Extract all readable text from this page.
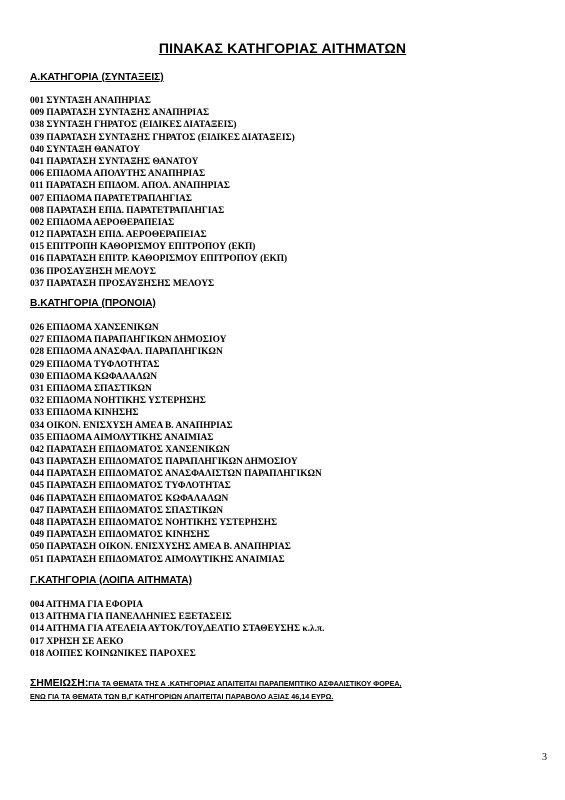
ΠΙΝΑΚΑΣ ΚΑΤΗΓΟΡΙΑΣ ΑΙΤΗΜΑΤΩΝ
Α.ΚΑΤΗΓΟΡΙΑ (ΣΥΝΤΑΞΕΙΣ)
001 ΣΥΝΤΑΞΗ ΑΝΑΠΗΡΙΑΣ
009 ΠΑΡΑΤΑΣΗ ΣΥΝΤΑΞΗΣ ΑΝΑΠΗΡΙΑΣ
038 ΣΥΝΤΑΞΗ ΓΗΡΑΤΟΣ (ΕΙΔΙΚΕΣ ΔΙΑΤΑΞΕΙΣ)
039 ΠΑΡΑΤΑΣΗ ΣΥΝΤΑΞΗΣ ΓΗΡΑΤΟΣ (ΕΙΔΙΚΕΣ ΔΙΑΤΑΞΕΙΣ)
040 ΣΥΝΤΑΞΗ ΘΑΝΑΤΟΥ
041 ΠΑΡΑΤΑΣΗ ΣΥΝΤΑΞΗΣ ΘΑΝΑΤΟΥ
006 ΕΠΙΔΟΜΑ ΑΠΟΛΥΤΗΣ ΑΝΑΠΗΡΙΑΣ
011 ΠΑΡΑΤΑΣΗ ΕΠΙΔΟΜ. ΑΠΟΛ. ΑΝΑΠΗΡΙΑΣ
007 ΕΠΙΔΟΜΑ ΠΑΡΑΤΕΤΡΑΠΛΗΓΙΑΣ
008 ΠΑΡΑΤΑΣΗ ΕΠΙΔ. ΠΑΡΑΤΕΤΡΑΠΛΗΓΙΑΣ
002 ΕΠΙΔΟΜΑ ΑΕΡΟΘΕΡΑΠΕΙΑΣ
012 ΠΑΡΑΤΑΣΗ ΕΠΙΔ. ΑΕΡΟΘΕΡΑΠΕΙΑΣ
015 ΕΠΙΤΡΟΠΗ ΚΑΘΟΡΙΣΜΟΥ ΕΠΙΤΡΟΠΟΥ (ΕΚΠ)
016 ΠΑΡΑΤΑΣΗ ΕΠΙΤΡ. ΚΑΘΟΡΙΣΜΟΥ ΕΠΙΤΡΟΠΟΥ (ΕΚΠ)
036 ΠΡΟΣΑΥΞΗΣΗ ΜΕΛΟΥΣ
037 ΠΑΡΑΤΑΣΗ ΠΡΟΣΑΥΞΗΣΗΣ ΜΕΛΟΥΣ
Β.ΚΑΤΗΓΟΡΙΑ (ΠΡΟΝΟΙΑ)
026 ΕΠΙΔΟΜΑ ΧΑΝΣΕΝΙΚΩΝ
027 ΕΠΙΔΟΜΑ ΠΑΡΑΠΛΗΓΙΚΩΝ ΔΗΜΟΣΙΟΥ
028 ΕΠΙΔΟΜΑ ΑΝΑΣΦΑΛ. ΠΑΡΑΠΛΗΓΙΚΩΝ
029 ΕΠΙΔΟΜΑ ΤΥΦΛΟΤΗΤΑΣ
030 ΕΠΙΔΟΜΑ ΚΩΦΑΛΑΛΩΝ
031 ΕΠΙΔΟΜΑ ΣΠΑΣΤΙΚΩΝ
032 ΕΠΙΔΟΜΑ ΝΟΗΤΙΚΗΣ ΥΣΤΕΡΗΣΗΣ
033 ΕΠΙΔΟΜΑ ΚΙΝΗΣΗΣ
034 ΟΙΚΟΝ. ΕΝΙΣΧΥΣΗ ΑΜΕΑ Β. ΑΝΑΠΗΡΙΑΣ
035 ΕΠΙΔΟΜΑ ΑΙΜΟΛΥΤΙΚΗΣ ΑΝΑΙΜΙΑΣ
042 ΠΑΡΑΤΑΣΗ ΕΠΙΔΟΜΑΤΟΣ ΧΑΝΣΕΝΙΚΩΝ
043 ΠΑΡΑΤΑΣΗ ΕΠΙΔΟΜΑΤΟΣ ΠΑΡΑΠΛΗΓΙΚΩΝ ΔΗΜΟΣΙΟΥ
044 ΠΑΡΑΤΑΣΗ ΕΠΙΔΟΜΑΤΟΣ ΑΝΑΣΦΑΛΙΣΤΩΝ ΠΑΡΑΠΛΗΓΙΚΩΝ
045 ΠΑΡΑΤΑΣΗ ΕΠΙΔΟΜΑΤΟΣ ΤΥΦΛΟΤΗΤΑΣ
046 ΠΑΡΑΤΑΣΗ ΕΠΙΔΟΜΑΤΟΣ ΚΩΦΑΛΑΛΩΝ
047 ΠΑΡΑΤΑΣΗ ΕΠΙΔΟΜΑΤΟΣ ΣΠΑΣΤΙΚΩΝ
048 ΠΑΡΑΤΑΣΗ ΕΠΙΔΟΜΑΤΟΣ ΝΟΗΤΙΚΗΣ ΥΣΤΕΡΗΣΗΣ
049 ΠΑΡΑΤΑΣΗ ΕΠΙΔΟΜΑΤΟΣ ΚΙΝΗΣΗΣ
050 ΠΑΡΑΤΑΣΗ ΟΙΚΟΝ. ΕΝΙΣΧΥΣΗΣ ΑΜΕΑ Β. ΑΝΑΠΗΡΙΑΣ
051 ΠΑΡΑΤΑΣΗ ΕΠΙΔΟΜΑΤΟΣ ΑΙΜΟΛΥΤΙΚΗΣ ΑΝΑΙΜΙΑΣ
Γ.ΚΑΤΗΓΟΡΙΑ (ΛΟΙΠΑ ΑΙΤΗΜΑΤΑ)
004 ΑΙΤΗΜΑ ΓΙΑ ΕΦΟΡΙΑ
013 ΑΙΤΗΜΑ ΓΙΑ ΠΑΝΕΛΛΗΝΙΕΣ ΕΞΕΤΑΣΕΙΣ
014 ΑΙΤΗΜΑ ΓΙΑ ΑΤΕΛΕΙΑ ΑΥΤΟΚ/ΤΟΥ,ΔΕΛΤΙΟ ΣΤΑΘΕΥΣΗΣ κ.λ.π.
017 ΧΡΗΣΗ ΣΕ ΑΕΚΟ
018 ΛΟΙΠΕΣ ΚΟΙΝΩΝΙΚΕΣ ΠΑΡΟΧΕΣ
ΣΗΜΕΙΩΣΗ:ΓΙΑ ΤΑ ΘΕΜΑΤΑ ΤΗΣ Α .ΚΑΤΗΓΟΡΙΑΣ ΑΠΑΙΤΕΙΤΑΙ ΠΑΡΑΠΕΜΠΤΙΚΟ ΑΣΦΑΛΙΣΤΙΚΟΥ ΦΟΡΕΑ,
ΕΝΩ ΓΙΑ ΤΑ ΘΕΜΑΤΑ ΤΩΝ Β,Γ ΚΑΤΗΓΟΡΙΩΝ ΑΠΑΙΤΕΙΤΑΙ ΠΑΡΑΒΟΛΟ ΑΞΙΑΣ 46,14 ΕΥΡΩ.
3
